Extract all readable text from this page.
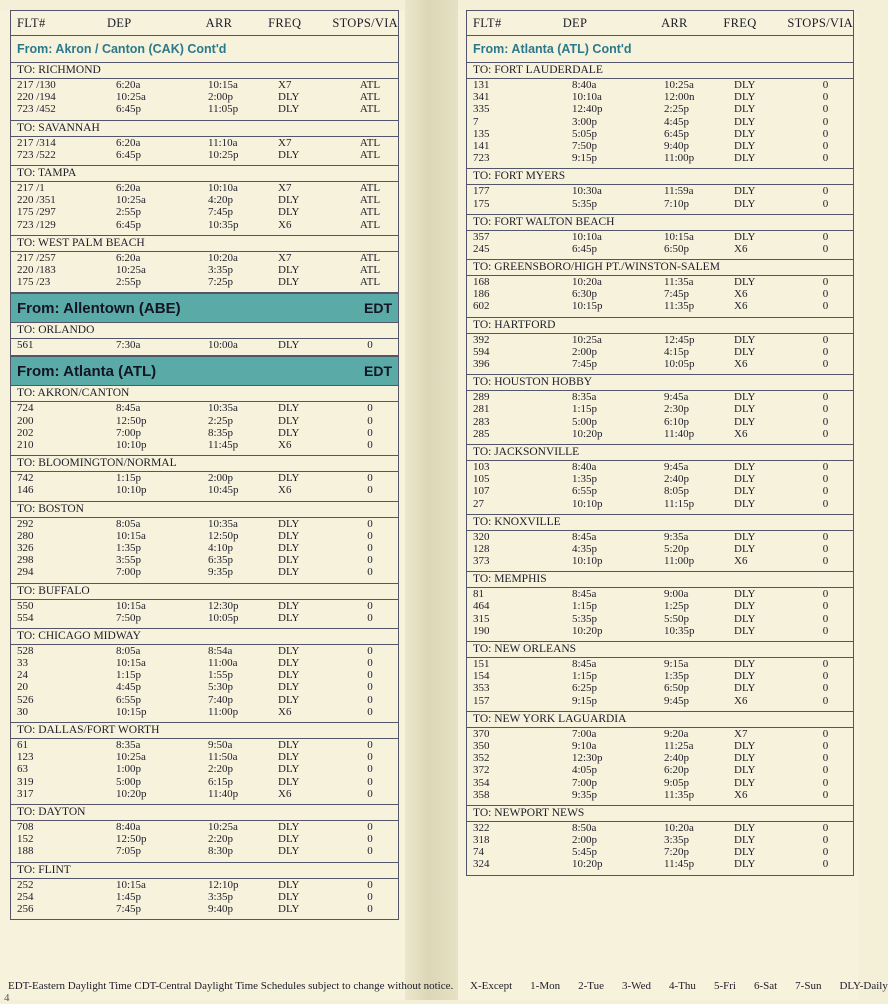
FLT#	DEP	ARR	FREQ	STOPS/VIA
From: Akron / Canton (CAK) Cont'd
TO: RICHMOND
217 /130	6:20a	10:15a	X7	ATL
220 /194	10:25a	2:00p	DLY	ATL
723 /452	6:45p	11:05p	DLY	ATL
TO: SAVANNAH
217 /314	6:20a	11:10a	X7	ATL
723 /522	6:45p	10:25p	DLY	ATL
TO: TAMPA
217 /1	6:20a	10:10a	X7	ATL
220 /351	10:25a	4:20p	DLY	ATL
175 /297	2:55p	7:45p	DLY	ATL
723 /129	6:45p	10:35p	X6	ATL
TO: WEST PALM BEACH
217 /257	6:20a	10:20a	X7	ATL
220 /183	10:25a	3:35p	DLY	ATL
175 /23	2:55p	7:25p	DLY	ATL
From: Allentown (ABE)	EDT
TO: ORLANDO
561	7:30a	10:00a	DLY	0
From: Atlanta (ATL)	EDT
TO: AKRON/CANTON
724	8:45a	10:35a	DLY	0
200	12:50p	2:25p	DLY	0
202	7:00p	8:35p	DLY	0
210	10:10p	11:45p	X6	0
TO: BLOOMINGTON/NORMAL
742	1:15p	2:00p	DLY	0
146	10:10p	10:45p	X6	0
TO: BOSTON
292	8:05a	10:35a	DLY	0
280	10:15a	12:50p	DLY	0
326	1:35p	4:10p	DLY	0
298	3:55p	6:35p	DLY	0
294	7:00p	9:35p	DLY	0
TO: BUFFALO
550	10:15a	12:30p	DLY	0
554	7:50p	10:05p	DLY	0
TO: CHICAGO MIDWAY
528	8:05a	8:54a	DLY	0
33	10:15a	11:00a	DLY	0
24	1:15p	1:55p	DLY	0
20	4:45p	5:30p	DLY	0
526	6:55p	7:40p	DLY	0
30	10:15p	11:00p	X6	0
TO: DALLAS/FORT WORTH
61	8:35a	9:50a	DLY	0
123	10:25a	11:50a	DLY	0
63	1:00p	2:20p	DLY	0
319	5:00p	6:15p	DLY	0
317	10:20p	11:40p	X6	0
TO: DAYTON
708	8:40a	10:25a	DLY	0
152	12:50p	2:20p	DLY	0
188	7:05p	8:30p	DLY	0
TO: FLINT
252	10:15a	12:10p	DLY	0
254	1:45p	3:35p	DLY	0
256	7:45p	9:40p	DLY	0
EDT-Eastern Daylight Time CDT-Central Daylight Time Schedules subject to change without notice.
4
FLT#	DEP	ARR	FREQ	STOPS/VIA
From: Atlanta (ATL) Cont'd
TO: FORT LAUDERDALE
131	8:40a	10:25a	DLY	0
341	10:10a	12:00n	DLY	0
335	12:40p	2:25p	DLY	0
7	3:00p	4:45p	DLY	0
135	5:05p	6:45p	DLY	0
141	7:50p	9:40p	DLY	0
723	9:15p	11:00p	DLY	0
TO: FORT MYERS
177	10:30a	11:59a	DLY	0
175	5:35p	7:10p	DLY	0
TO: FORT WALTON BEACH
357	10:10a	10:15a	DLY	0
245	6:45p	6:50p	X6	0
TO: GREENSBORO/HIGH PT./WINSTON-SALEM
168	10:20a	11:35a	DLY	0
186	6:30p	7:45p	X6	0
602	10:15p	11:35p	X6	0
TO: HARTFORD
392	10:25a	12:45p	DLY	0
594	2:00p	4:15p	DLY	0
396	7:45p	10:05p	X6	0
TO: HOUSTON HOBBY
289	8:35a	9:45a	DLY	0
281	1:15p	2:30p	DLY	0
283	5:00p	6:10p	DLY	0
285	10:20p	11:40p	X6	0
TO: JACKSONVILLE
103	8:40a	9:45a	DLY	0
105	1:35p	2:40p	DLY	0
107	6:55p	8:05p	DLY	0
27	10:10p	11:15p	DLY	0
TO: KNOXVILLE
320	8:45a	9:35a	DLY	0
128	4:35p	5:20p	DLY	0
373	10:10p	11:00p	X6	0
TO: MEMPHIS
81	8:45a	9:00a	DLY	0
464	1:15p	1:25p	DLY	0
315	5:35p	5:50p	DLY	0
190	10:20p	10:35p	DLY	0
TO: NEW ORLEANS
151	8:45a	9:15a	DLY	0
154	1:15p	1:35p	DLY	0
353	6:25p	6:50p	DLY	0
157	9:15p	9:45p	X6	0
TO: NEW YORK LAGUARDIA
370	7:00a	9:20a	X7	0
350	9:10a	11:25a	DLY	0
352	12:30p	2:40p	DLY	0
372	4:05p	6:20p	DLY	0
354	7:00p	9:05p	DLY	0
358	9:35p	11:35p	X6	0
TO: NEWPORT NEWS
322	8:50a	10:20a	DLY	0
318	2:00p	3:35p	DLY	0
74	5:45p	7:20p	DLY	0
324	10:20p	11:45p	DLY	0
X-Except 1-Mon 2-Tue 3-Wed 4-Thu 5-Fri 6-Sat 7-Sun DLY-Daily
